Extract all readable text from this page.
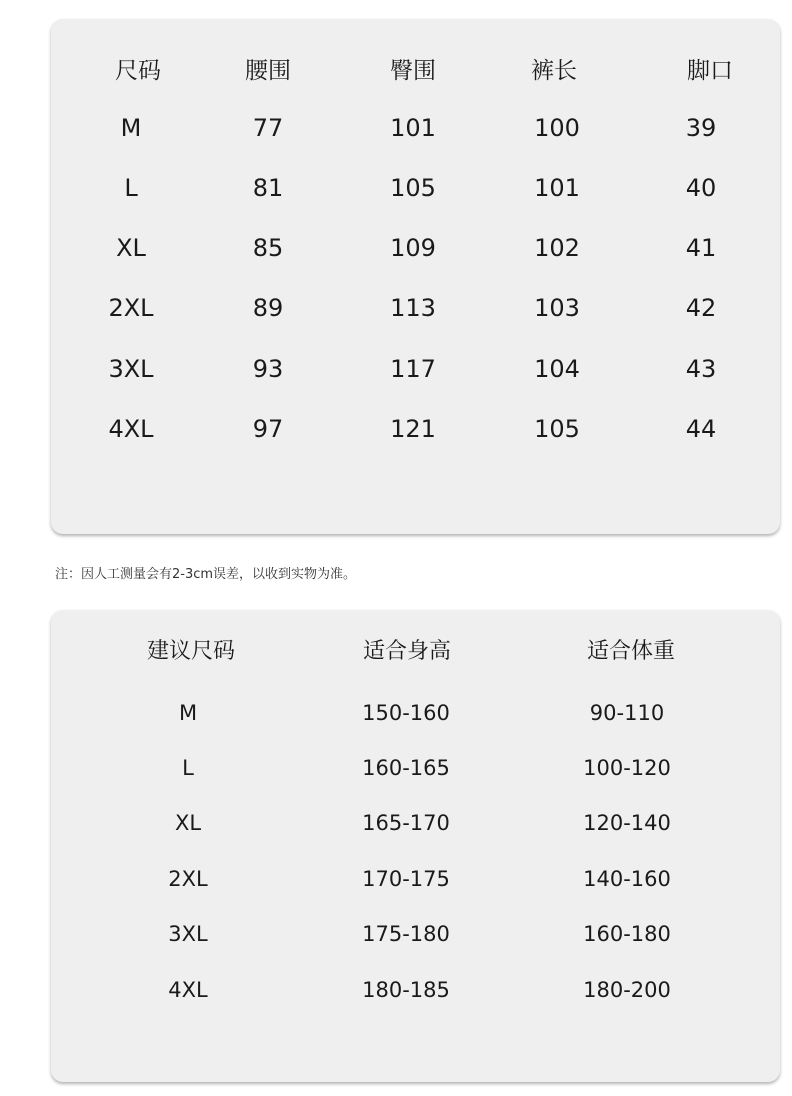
尺码	腰围	臀围	裤长	脚口
M	77	101	100	39
L	81	105	101	40
XL	85	109	102	41
2XL	89	113	103	42
3XL	93	117	104	43
4XL	97	121	105	44
注：因人工测量会有2-3cm误差，以收到实物为准。
建议尺码	适合身高	适合体重
M	150-160	90-110
L	160-165	100-120
XL	165-170	120-140
2XL	170-175	140-160
3XL	175-180	160-180
4XL	180-185	180-200
